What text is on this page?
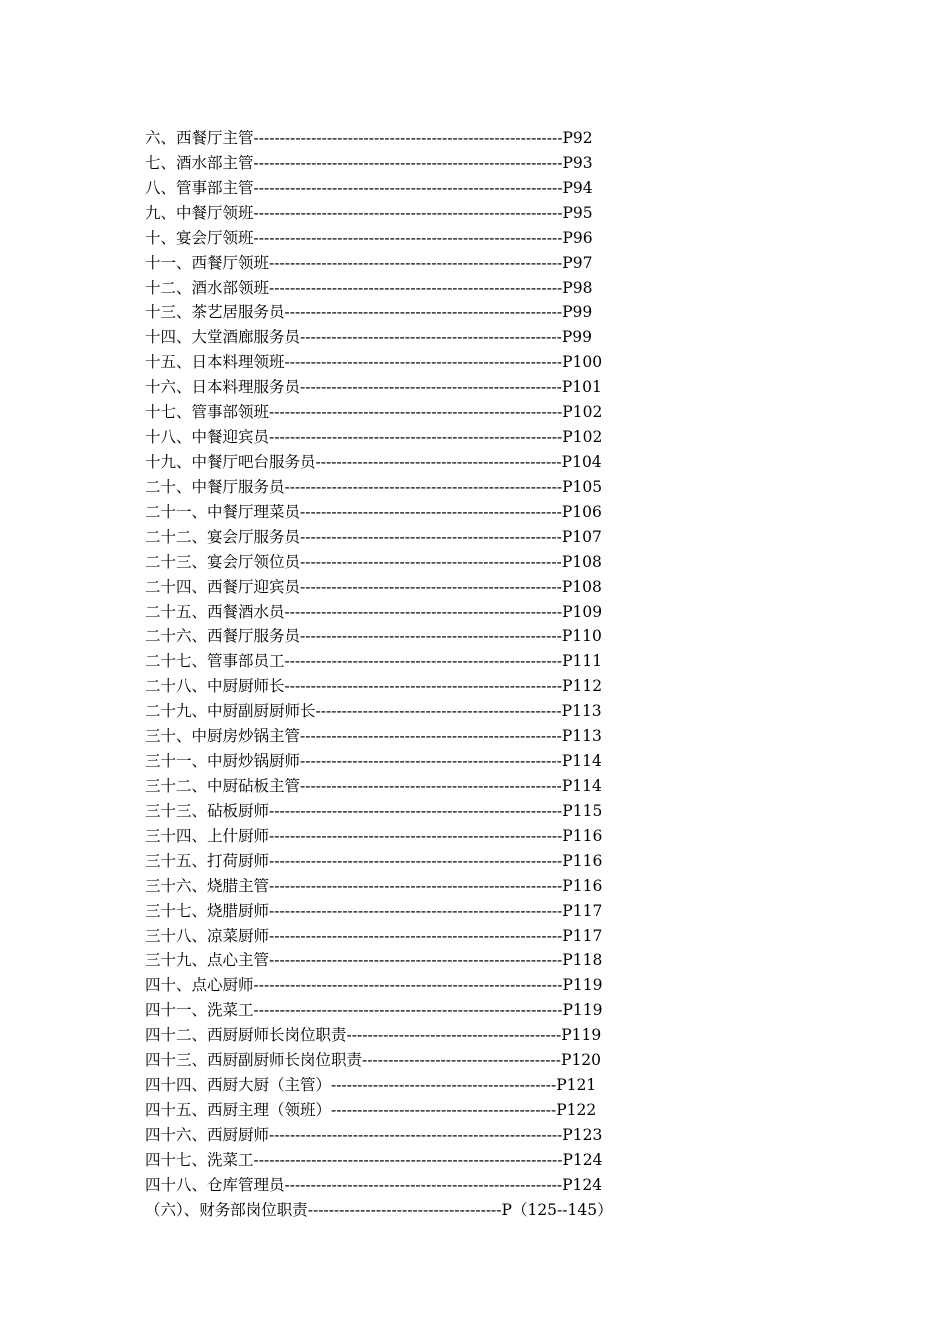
六、西餐厅主管-----------------------------------------------------------P92
七、酒水部主管-----------------------------------------------------------P93
八、管事部主管-----------------------------------------------------------P94
九、中餐厅领班-----------------------------------------------------------P95
十、宴会厅领班-----------------------------------------------------------P96
十一、西餐厅领班--------------------------------------------------------P97
十二、酒水部领班--------------------------------------------------------P98
十三、茶艺居服务员-----------------------------------------------------P99
十四、大堂酒廊服务员--------------------------------------------------P99
十五、日本料理领班-----------------------------------------------------P100
十六、日本料理服务员--------------------------------------------------P101
十七、管事部领班--------------------------------------------------------P102
十八、中餐迎宾员--------------------------------------------------------P102
十九、中餐厅吧台服务员-----------------------------------------------P104
二十、中餐厅服务员-----------------------------------------------------P105
二十一、中餐厅理菜员--------------------------------------------------P106
二十二、宴会厅服务员--------------------------------------------------P107
二十三、宴会厅领位员--------------------------------------------------P108
二十四、西餐厅迎宾员--------------------------------------------------P108
二十五、西餐酒水员-----------------------------------------------------P109
二十六、西餐厅服务员--------------------------------------------------P110
二十七、管事部员工-----------------------------------------------------P111
二十八、中厨厨师长-----------------------------------------------------P112
二十九、中厨副厨厨师长-----------------------------------------------P113
三十、中厨房炒锅主管--------------------------------------------------P113
三十一、中厨炒锅厨师--------------------------------------------------P114
三十二、中厨砧板主管--------------------------------------------------P114
三十三、砧板厨师--------------------------------------------------------P115
三十四、上什厨师--------------------------------------------------------P116
三十五、打荷厨师--------------------------------------------------------P116
三十六、烧腊主管--------------------------------------------------------P116
三十七、烧腊厨师--------------------------------------------------------P117
三十八、凉菜厨师--------------------------------------------------------P117
三十九、点心主管--------------------------------------------------------P118
四十、点心厨师-----------------------------------------------------------P119
四十一、洗菜工-----------------------------------------------------------P119
四十二、西厨厨师长岗位职责-----------------------------------------P119
四十三、西厨副厨师长岗位职责--------------------------------------P120
四十四、西厨大厨（主管）-------------------------------------------P121
四十五、西厨主理（领班）-------------------------------------------P122
四十六、西厨厨师--------------------------------------------------------P123
四十七、洗菜工-----------------------------------------------------------P124
四十八、仓库管理员-----------------------------------------------------P124
（六）、财务部岗位职责-------------------------------------P（125--145）
